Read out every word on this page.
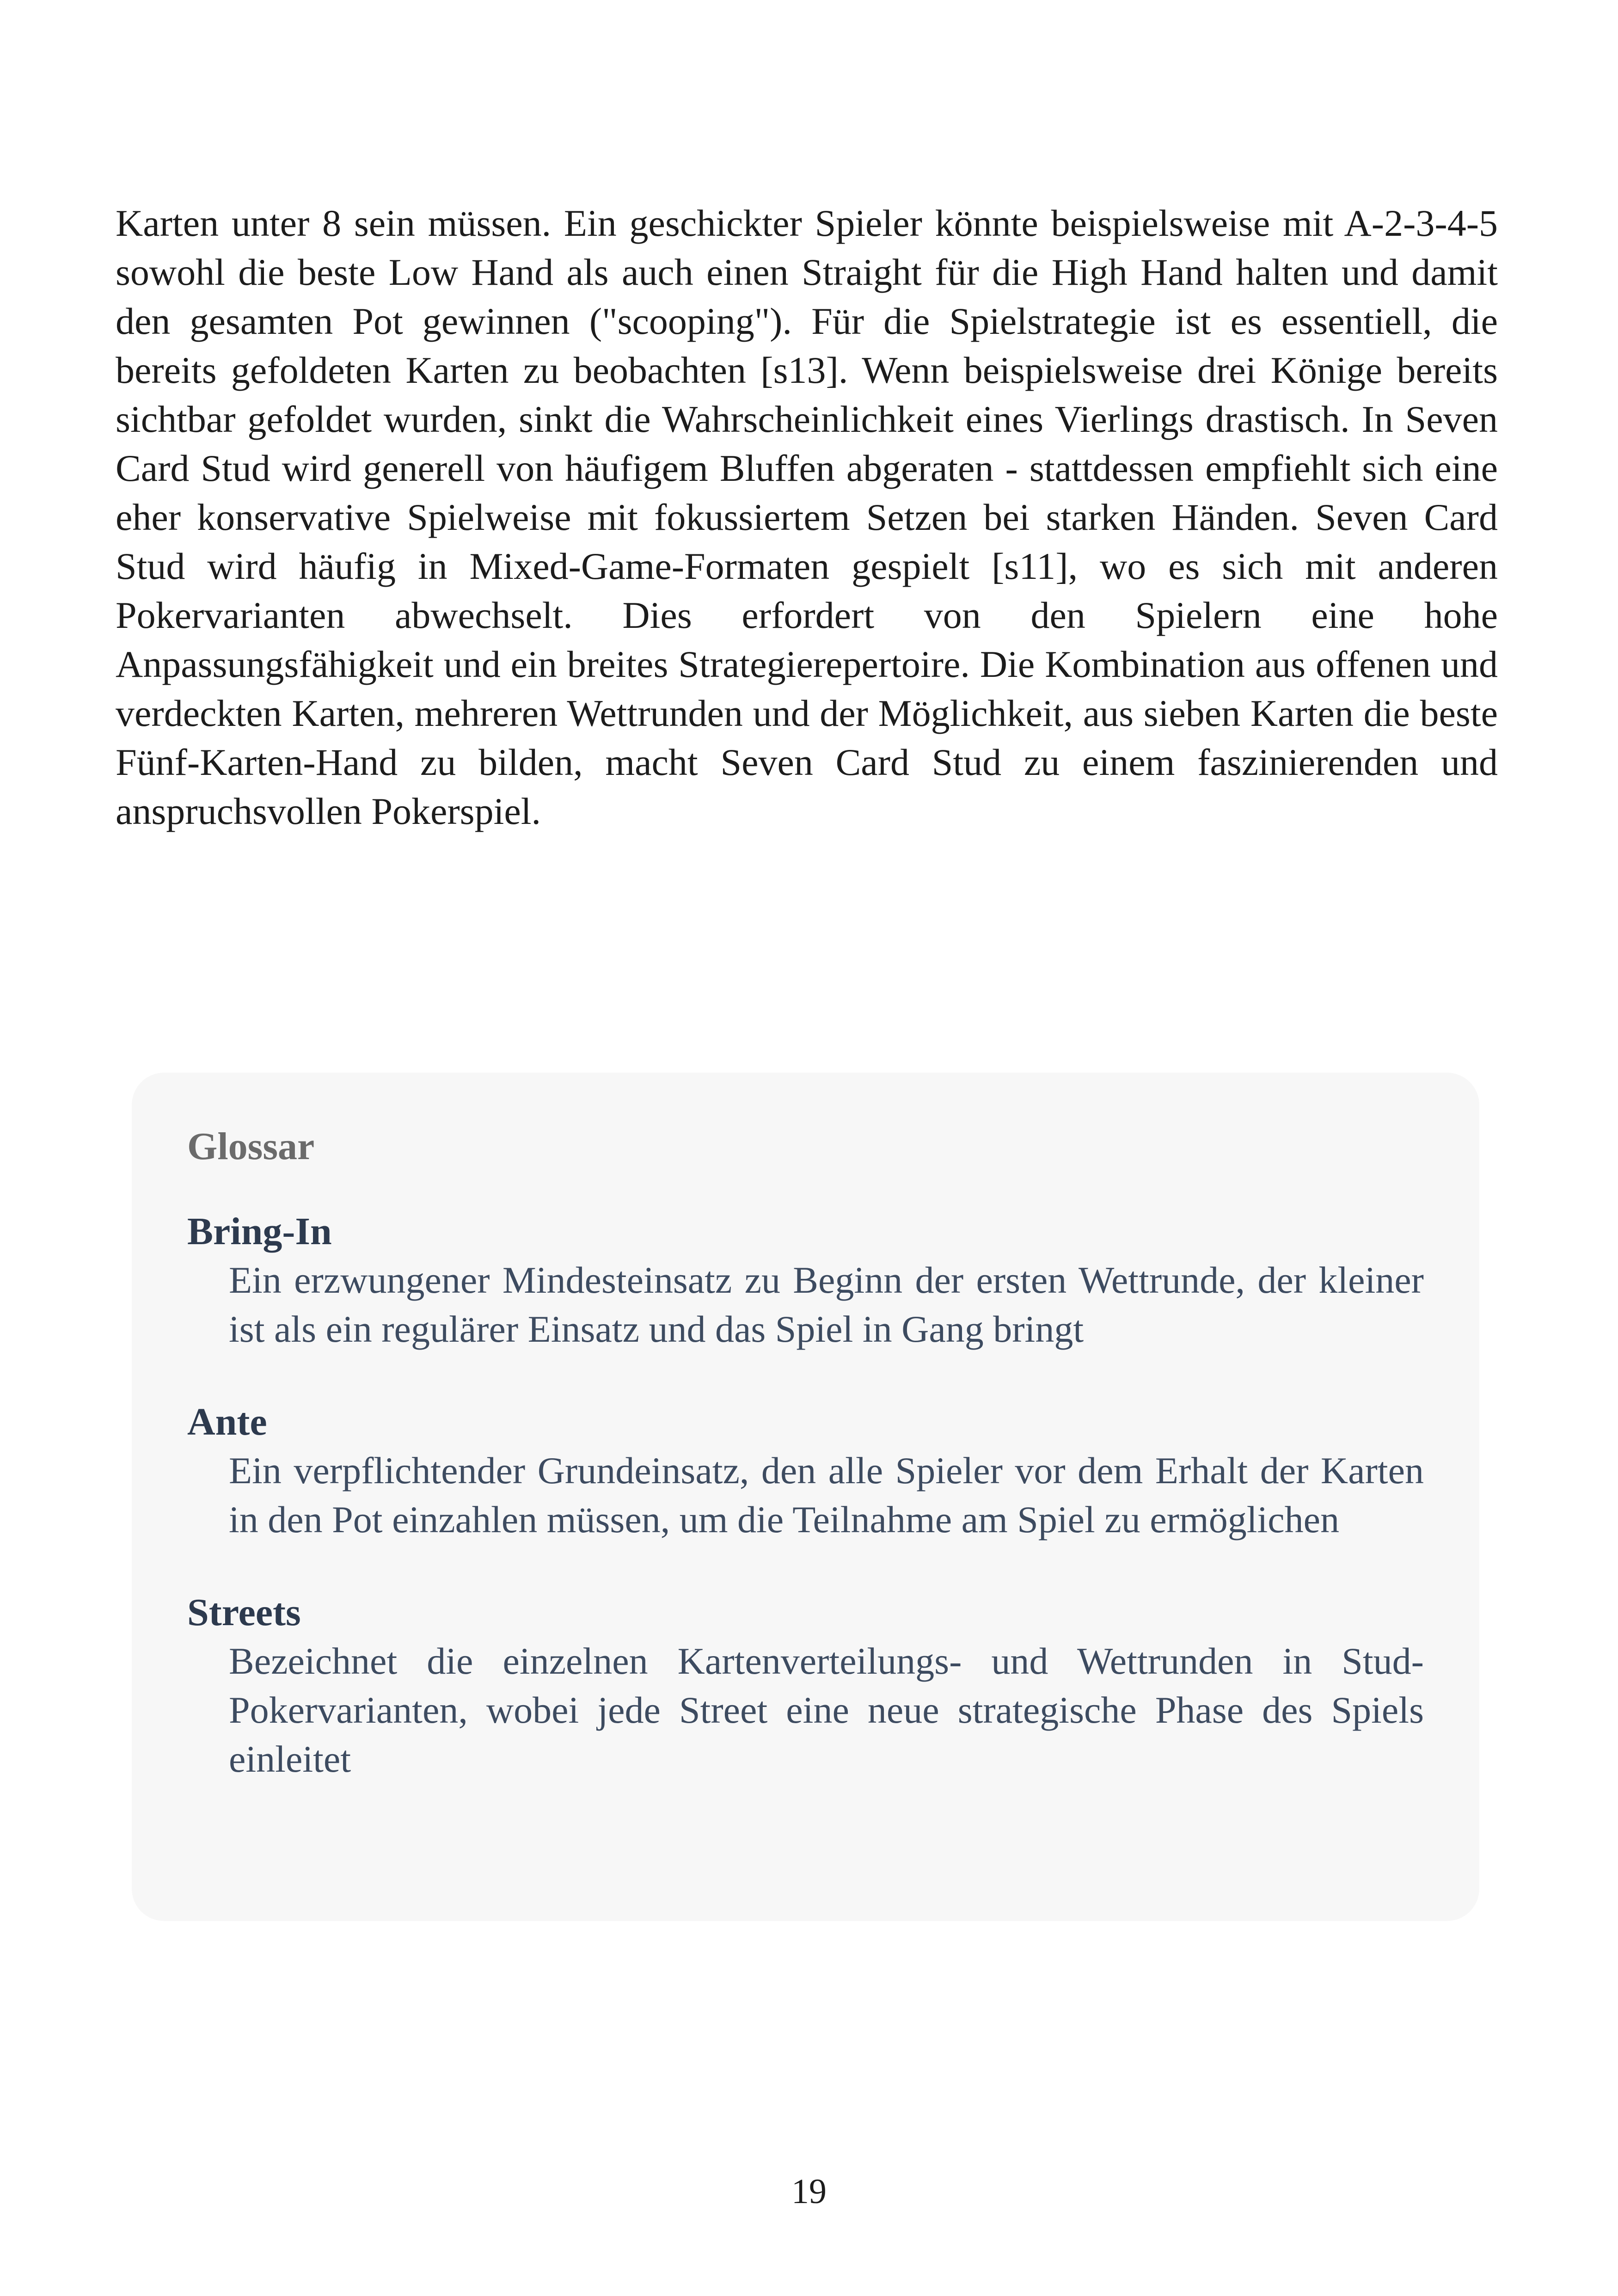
Karten unter 8 sein müssen. Ein geschickter Spieler könnte beispielsweise mit A-2-3-4-5 sowohl die beste Low Hand als auch einen Straight für die High Hand halten und damit den gesamten Pot gewinnen ("scooping"). Für die Spielstrategie ist es essentiell, die bereits gefoldeten Karten zu beobachten [s13]. Wenn beispielsweise drei Könige bereits sichtbar gefoldet wurden, sinkt die Wahrscheinlichkeit eines Vierlings drastisch. In Seven Card Stud wird generell von häufigem Bluffen abgeraten - stattdessen empfiehlt sich eine eher konservative Spielweise mit fokussiertem Setzen bei starken Händen. Seven Card Stud wird häufig in Mixed-Game-Formaten gespielt [s11], wo es sich mit anderen Pokervarianten abwechselt. Dies erfordert von den Spielern eine hohe Anpassungsfähigkeit und ein breites Strategierepertoire. Die Kombination aus offenen und verdeckten Karten, mehreren Wettrunden und der Möglichkeit, aus sieben Karten die beste Fünf-Karten-Hand zu bilden, macht Seven Card Stud zu einem faszinierenden und anspruchsvollen Pokerspiel.

Glossar
Bring-In
Ein erzwungener Mindesteinsatz zu Beginn der ersten Wettrunde, der kleiner ist als ein regulärer Einsatz und das Spiel in Gang bringt
Ante
Ein verpflichtender Grundeinsatz, den alle Spieler vor dem Erhalt der Karten in den Pot einzahlen müssen, um die Teilnahme am Spiel zu ermöglichen
Streets
Bezeichnet die einzelnen Kartenverteilungs- und Wettrunden in Stud-Pokervarianten, wobei jede Street eine neue strategische Phase des Spiels einleitet
19
